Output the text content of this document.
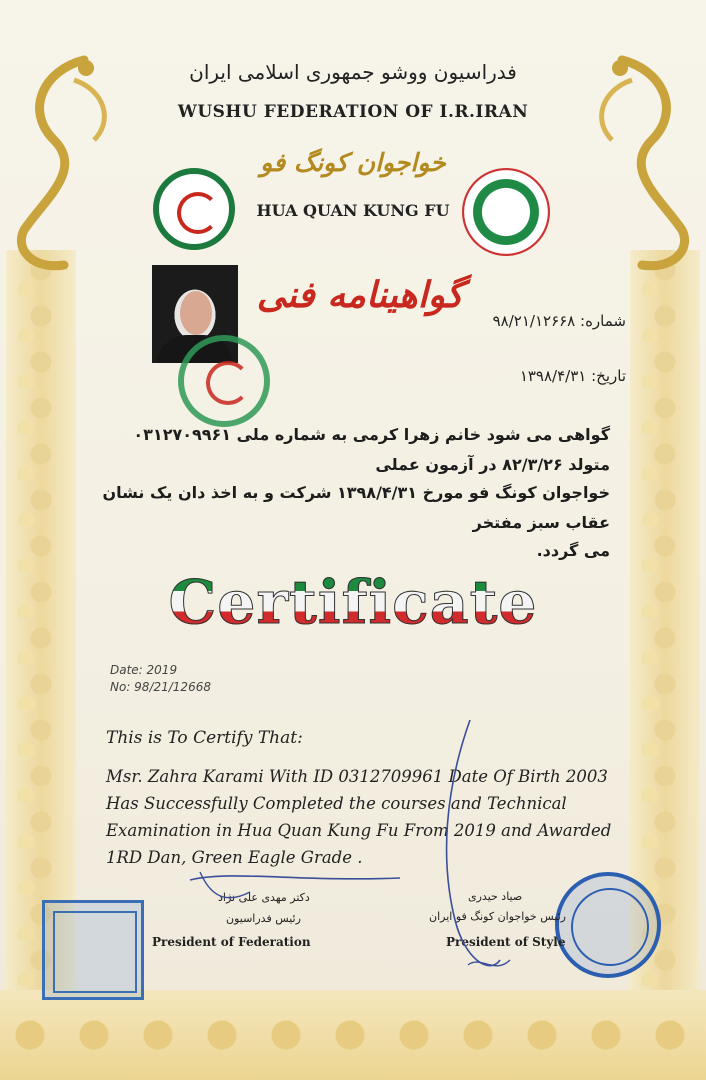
فدراسیون ووشو جمهوری اسلامی ایران
WUSHU FEDERATION OF I.R.IRAN
خواجوان کونگ فو
HUA QUAN KUNG FU
گواهینامه فنی
شماره: ۹۸/۲۱/۱۲۶۶۸
تاریخ: ۱۳۹۸/۴/۳۱
گواهی می شود خانم زهرا کرمی به شماره ملی ۰۳۱۲۷۰۹۹۶۱ متولد ۸۲/۳/۲۶ در آزمون عملی
خواجوان کونگ فو مورخ ۱۳۹۸/۴/۳۱ شرکت و به اخذ دان یک نشان عقاب سبز مفتخر
می گردد.
Certificate
Date: 2019
No: 98/21/12668
This is To Certify That:
Msr. Zahra Karami With ID 0312709961 Date Of Birth 2003
Has Successfully Completed the courses and Technical
Examination in Hua Quan Kung Fu From 2019 and Awarded
1RD Dan, Green Eagle Grade .
دکتر مهدی علی نژاد
رئیس فدراسیون
President of Federation
صیاد حیدری
رئیس خواجوان کونگ فو ایران
President of Style
